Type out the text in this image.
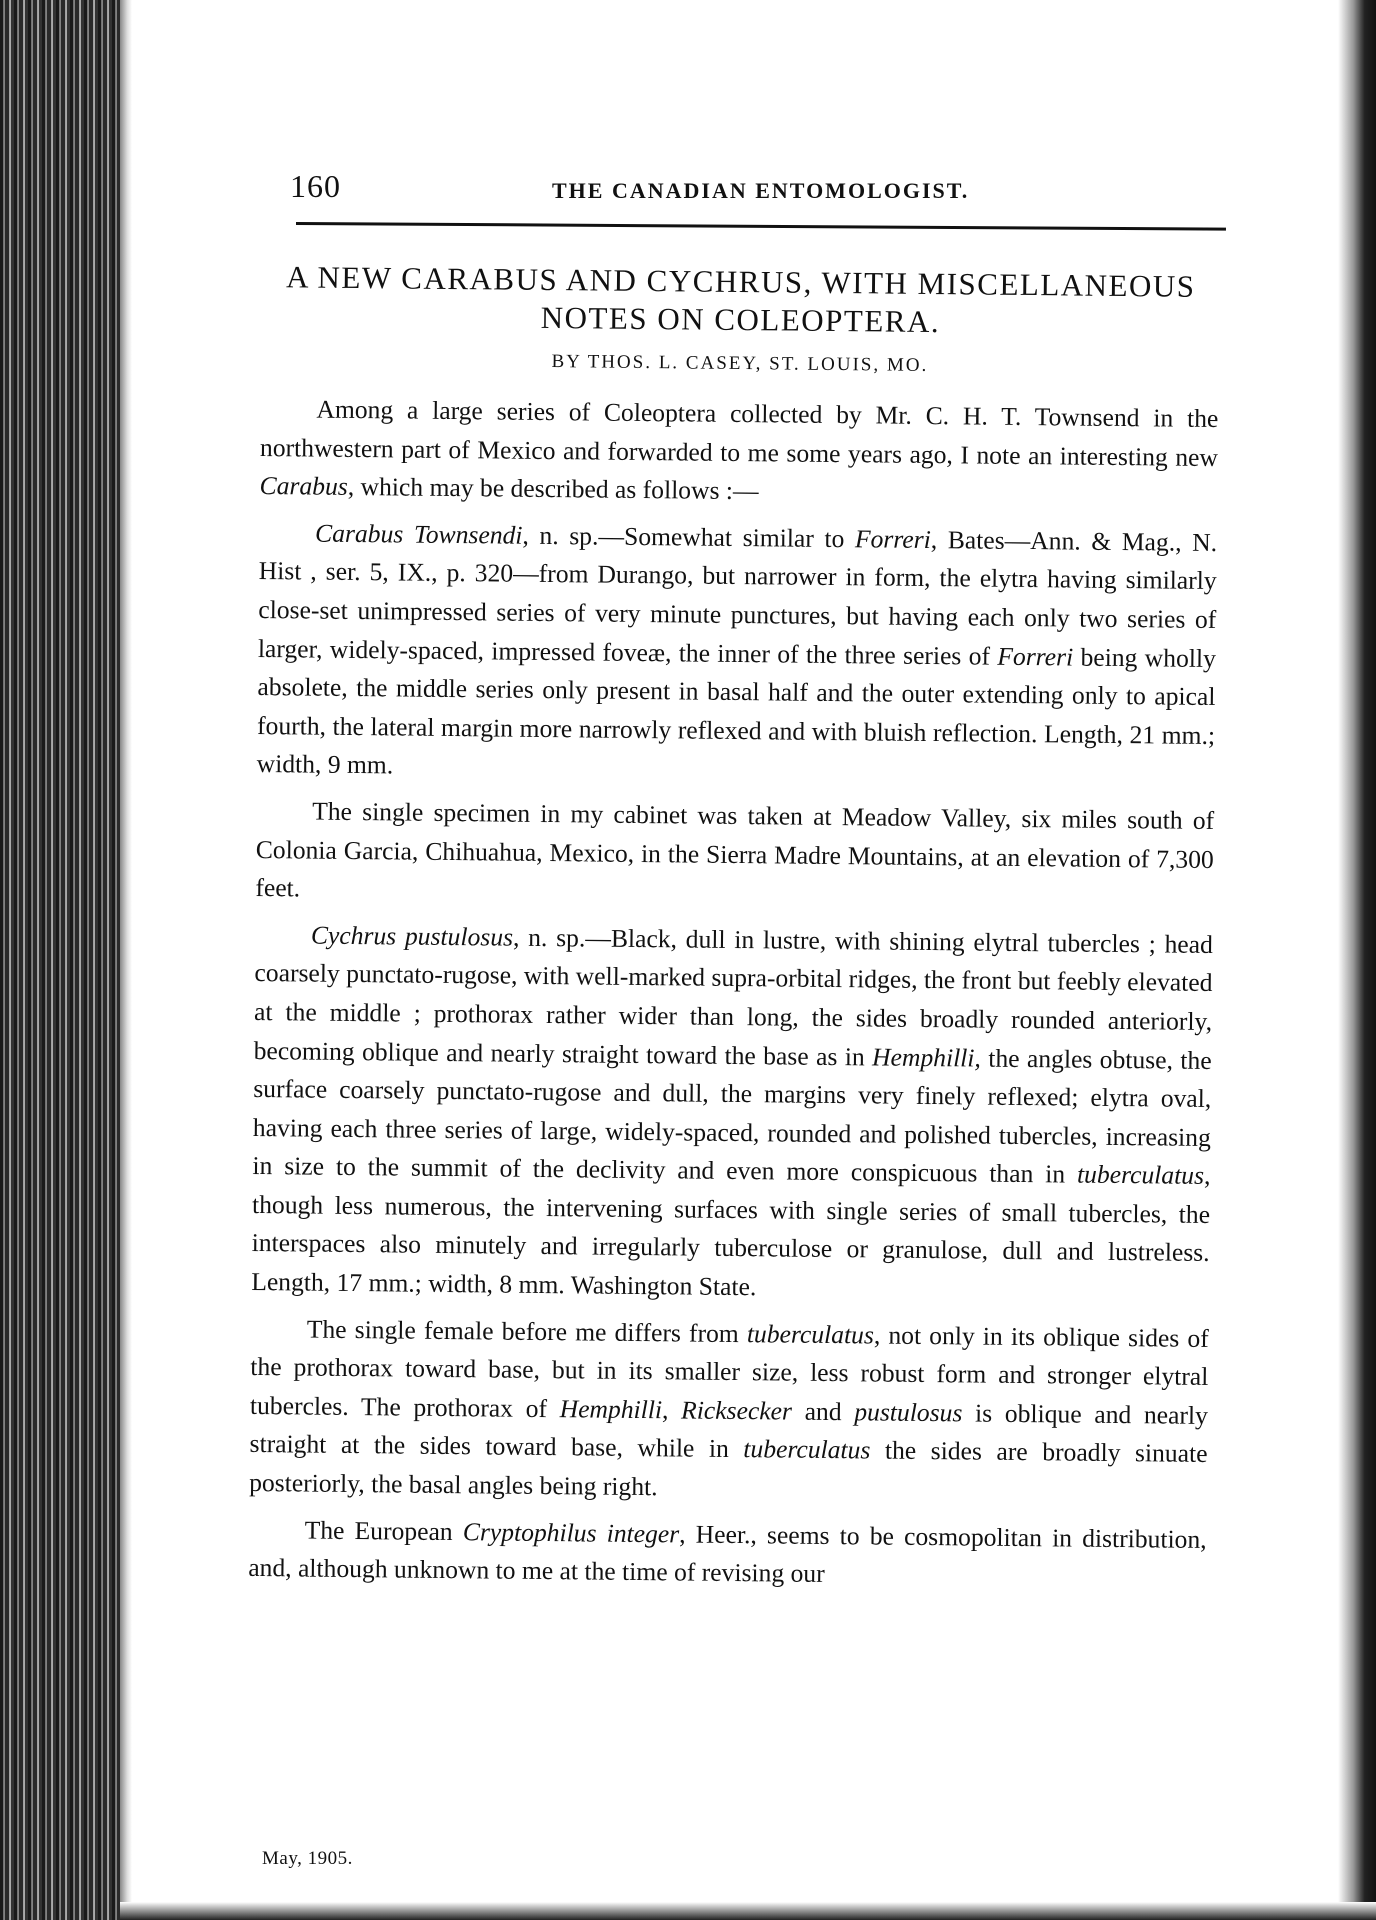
160	THE CANADIAN ENTOMOLOGIST.
A NEW CARABUS AND CYCHRUS, WITH MISCELLANEOUS
NOTES ON COLEOPTERA.
BY THOS. L. CASEY, ST. LOUIS, MO.

Among a large series of Coleoptera collected by Mr. C. H. T. Townsend in the northwestern part of Mexico and forwarded to me some years ago, I note an interesting new Carabus, which may be described as follows :—

Carabus Townsendi, n. sp.—Somewhat similar to Forreri, Bates—Ann. & Mag., N. Hist , ser. 5, IX., p. 320—from Durango, but narrower in form, the elytra having similarly close-set unimpressed series of very minute punctures, but having each only two series of larger, widely-spaced, impressed foveæ, the inner of the three series of Forreri being wholly absolete, the middle series only present in basal half and the outer extending only to apical fourth, the lateral margin more narrowly reflexed and with bluish reflection. Length, 21 mm.; width, 9 mm.

The single specimen in my cabinet was taken at Meadow Valley, six miles south of Colonia Garcia, Chihuahua, Mexico, in the Sierra Madre Mountains, at an elevation of 7,300 feet.

Cychrus pustulosus, n. sp.—Black, dull in lustre, with shining elytral tubercles ; head coarsely punctato-rugose, with well-marked supra-orbital ridges, the front but feebly elevated at the middle ; prothorax rather wider than long, the sides broadly rounded anteriorly, becoming oblique and nearly straight toward the base as in Hemphilli, the angles obtuse, the surface coarsely punctato-rugose and dull, the margins very finely reflexed; elytra oval, having each three series of large, widely-spaced, rounded and polished tubercles, increasing in size to the summit of the declivity and even more conspicuous than in tuberculatus, though less numerous, the intervening surfaces with single series of small tubercles, the interspaces also minutely and irregularly tuberculose or granulose, dull and lustreless. Length, 17 mm.; width, 8 mm. Washington State.

The single female before me differs from tuberculatus, not only in its oblique sides of the prothorax toward base, but in its smaller size, less robust form and stronger elytral tubercles. The prothorax of Hemphilli, Ricksecker and pustulosus is oblique and nearly straight at the sides toward base, while in tuberculatus the sides are broadly sinuate posteriorly, the basal angles being right.

The European Cryptophilus integer, Heer., seems to be cosmopolitan in distribution, and, although unknown to me at the time of revising our

May, 1905.
